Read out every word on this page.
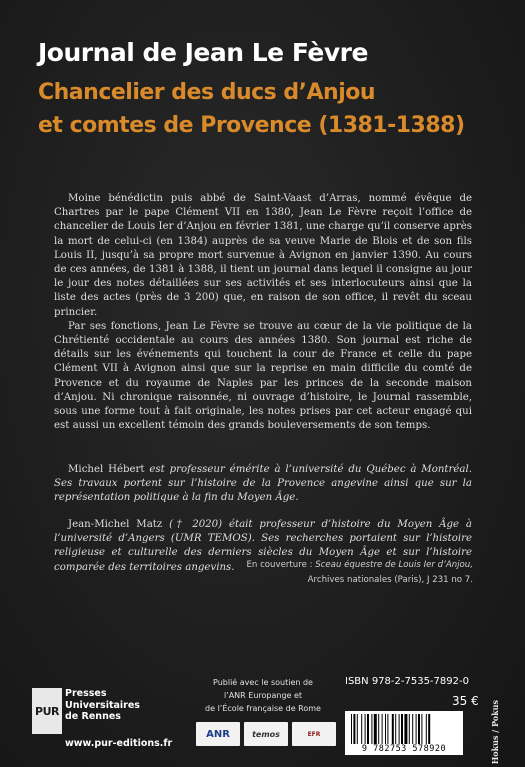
Journal de Jean Le Fèvre
Chancelier des ducs d’Anjou
et comtes de Provence (1381-1388)

Moine bénédictin puis abbé de Saint-Vaast d’Arras, nommé évêque de Chartres par le pape Clément VII en 1380, Jean Le Fèvre reçoit l’office de chancelier de Louis Ier d’Anjou en février 1381, une charge qu’il conserve après la mort de celui-ci (en 1384) auprès de sa veuve Marie de Blois et de son fils Louis II, jusqu’à sa propre mort survenue à Avignon en janvier 1390. Au cours de ces années, de 1381 à 1388, il tient un journal dans lequel il consigne au jour le jour des notes détaillées sur ses activités et ses interlocuteurs ainsi que la liste des actes (près de 3 200) que, en raison de son office, il revêt du sceau princier.

Par ses fonctions, Jean Le Fèvre se trouve au cœur de la vie politique de la Chrétienté occidentale au cours des années 1380. Son journal est riche de détails sur les événements qui touchent la cour de France et celle du pape Clément VII à Avignon ainsi que sur la reprise en main difficile du comté de Provence et du royaume de Naples par les princes de la seconde maison d’Anjou. Ni chronique raisonnée, ni ouvrage d’histoire, le Journal rassemble, sous une forme tout à fait originale, les notes prises par cet acteur engagé qui est aussi un excellent témoin des grands bouleversements de son temps.

Michel Hébert est professeur émérite à l’université du Québec à Montréal. Ses travaux portent sur l’histoire de la Provence angevine ainsi que sur la représentation politique à la fin du Moyen Âge.

Jean-Michel Matz († 2020) était professeur d’histoire du Moyen Âge à l’université d’Angers (UMR TEMOS). Ses recherches portaient sur l’histoire religieuse et culturelle des derniers siècles du Moyen Âge et sur l’histoire comparée des territoires angevins.	En couverture : Sceau équestre de Louis Ier d’Anjou,
Archives nationales (Paris), J 231 no 7.
PUR
Presses
Universitaires
de Rennes
www.pur-editions.fr
Publié avec le soutien de
l’ANR Europange et
de l’École française de Rome
ANR	temos	EFR
ISBN 978-2-7535-7892-0
35 €
9 782753 578920	Hokus / Pokus
